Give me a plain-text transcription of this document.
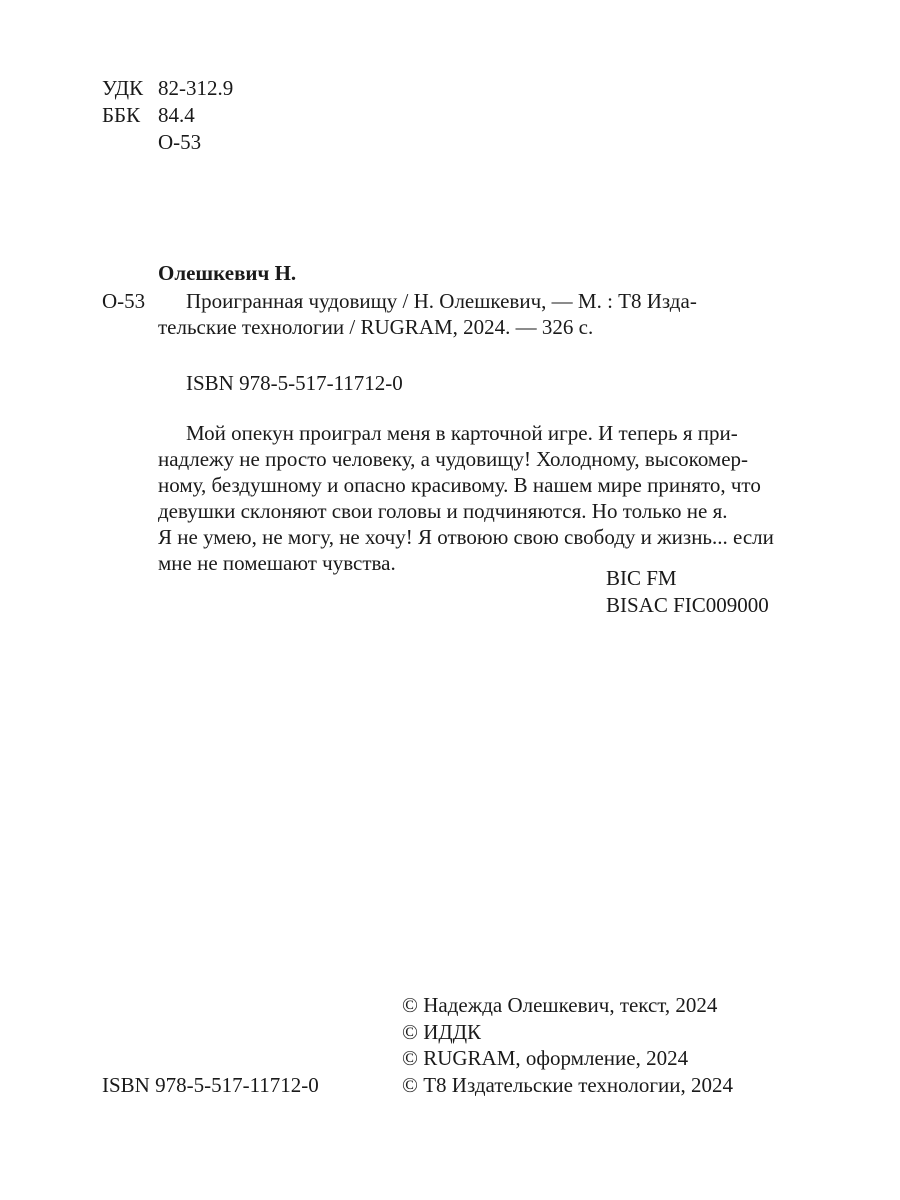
УДК 82-312.9
ББК 84.4
О-53
Олешкевич Н.
О-53 Проигранная чудовищу / Н. Олешкевич, — М. : Т8 Изда-
тельские технологии / RUGRAM, 2024. — 326 с.
ISBN 978-5-517-11712-0
Мой опекун проиграл меня в карточной игре. И теперь я при-
надлежу не просто человеку, а чудовищу! Холодному, высокомер-
ному, бездушному и опасно красивому. В нашем мире принято, что
девушки склоняют свои головы и подчиняются. Но только не я.
Я не умею, не могу, не хочу! Я отвоюю свою свободу и жизнь... если
мне не помешают чувства.
BIC FM
BISAC FIC009000
© Надежда Олешкевич, текст, 2024
© ИДДК
© RUGRAM, оформление, 2024
© Т8 Издательские технологии, 2024
ISBN 978-5-517-11712-0
